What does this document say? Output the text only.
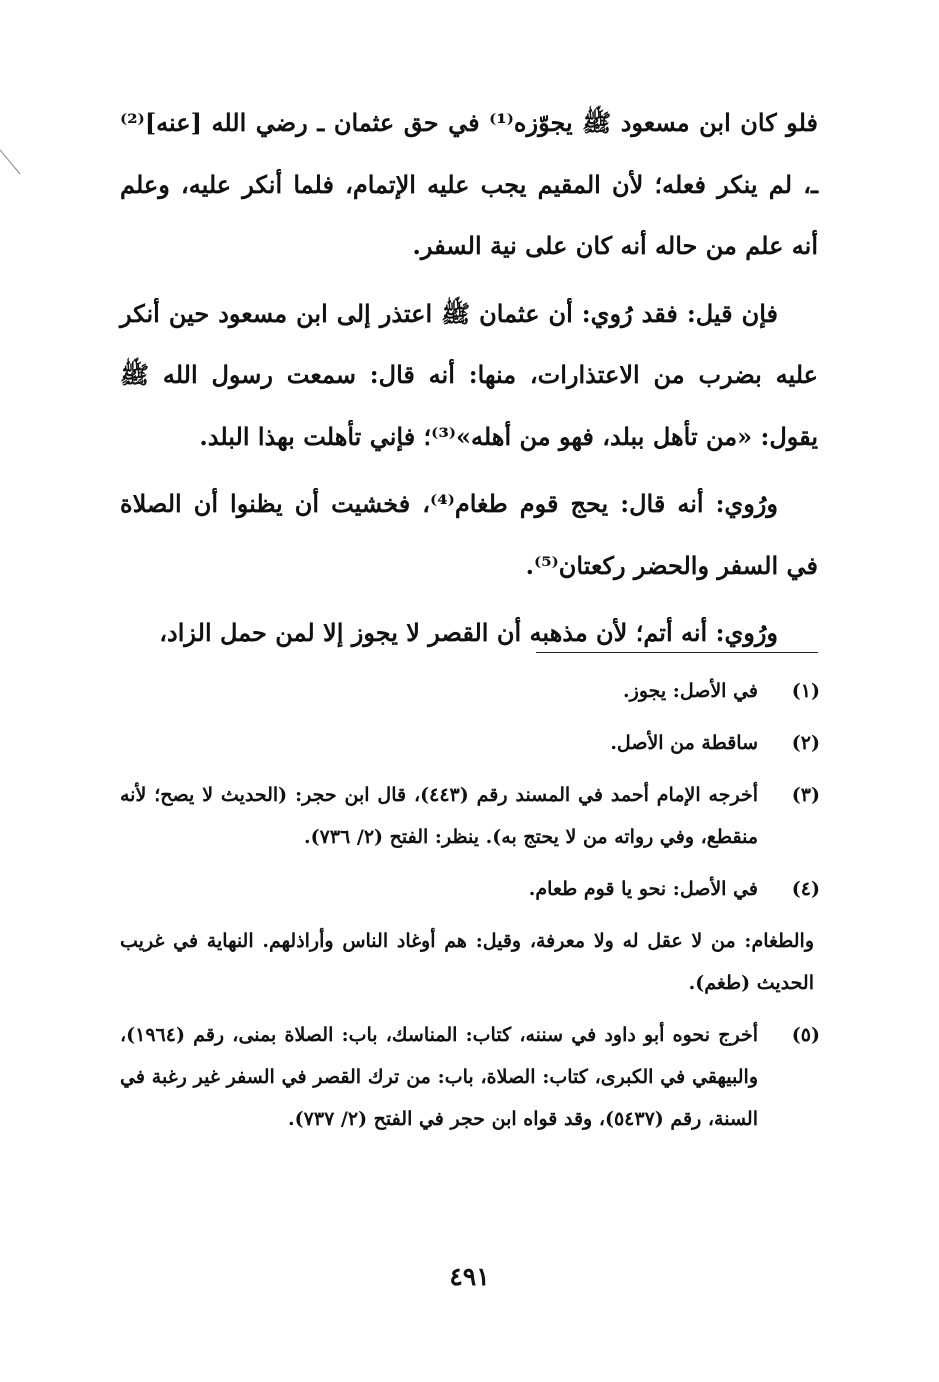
فلو كان ابن مسعود ﷺ يجوّزه⁽¹⁾ في حق عثمان ـ رضي الله [عنه]⁽²⁾ ـ، لم ينكر فعله؛ لأن المقيم يجب عليه الإتمام، فلما أنكر عليه، وعلم أنه علم من حاله أنه كان على نية السفر.

فإن قيل: فقد رُوي: أن عثمان ﷺ اعتذر إلى ابن مسعود حين أنكر عليه بضرب من الاعتذارات، منها: أنه قال: سمعت رسول الله ﷺ يقول: «من تأهل ببلد، فهو من أهله»⁽³⁾؛ فإني تأهلت بهذا البلد.

ورُوي: أنه قال: يحج قوم طغام⁽⁴⁾، فخشيت أن يظنوا أن الصلاة في السفر والحضر ركعتان⁽⁵⁾.

ورُوي: أنه أتم؛ لأن مذهبه أن القصر لا يجوز إلا لمن حمل الزاد،

(١)
في الأصل: يجوز.
(٢)
ساقطة من الأصل.
(٣)
أخرجه الإمام أحمد في المسند رقم (٤٤٣)، قال ابن حجر: (الحديث لا يصح؛ لأنه منقطع، وفي رواته من لا يحتج به). ينظر: الفتح (٢/ ٧٣٦).
(٤)
في الأصل: نحو يا قوم طعام.

والطغام: من لا عقل له ولا معرفة، وقيل: هم أوغاد الناس وأراذلهم. النهاية في غريب الحديث (طغم).

(٥)
أخرج نحوه أبو داود في سننه، كتاب: المناسك، باب: الصلاة بمنى، رقم (١٩٦٤)، والبيهقي في الكبرى، كتاب: الصلاة، باب: من ترك القصر في السفر غير رغبة في السنة، رقم (٥٤٣٧)، وقد قواه ابن حجر في الفتح (٢/ ٧٣٧).
٤٩١
